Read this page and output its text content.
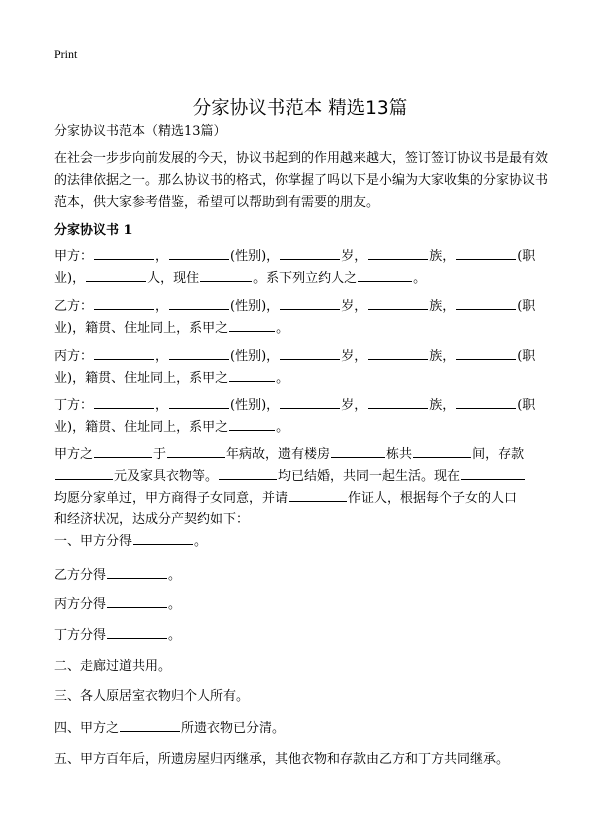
Print
分家协议书范本 精选13篇
分家协议书范本（精选13篇）
在社会一步步向前发展的今天，协议书起到的作用越来越大，签订签订协议书是最有效的法律依据之一。那么协议书的格式，你掌握了吗以下是小编为大家收集的分家协议书范本，供大家参考借鉴，希望可以帮助到有需要的朋友。
分家协议书 1
甲方：	，	(性别)，	岁，	族，	(职
业)，	人，现住	。系下列立约人之	。
乙方：	，	(性别)，	岁，	族，	(职
业)，籍贯、住址同上，系甲之	。
丙方：	，	(性别)，	岁，	族，	(职
业)，籍贯、住址同上，系甲之	。
丁方：	，	(性别)，	岁，	族，	(职
业)，籍贯、住址同上，系甲之	。
甲方之	于	年病故，遗有楼房	栋共	间，存款
元及家具衣物等。	均已结婚，共同一起生活。现在
均愿分家单过，甲方商得子女同意，并请	作证人，根据每个子女的人口
和经济状况，达成分产契约如下：
一、甲方分得	。
乙方分得	。
丙方分得	。
丁方分得	。
二、走廊过道共用。
三、各人原居室衣物归个人所有。
四、甲方之	所遗衣物已分清。
五、甲方百年后，所遗房屋归丙继承，其他衣物和存款由乙方和丁方共同继承。
